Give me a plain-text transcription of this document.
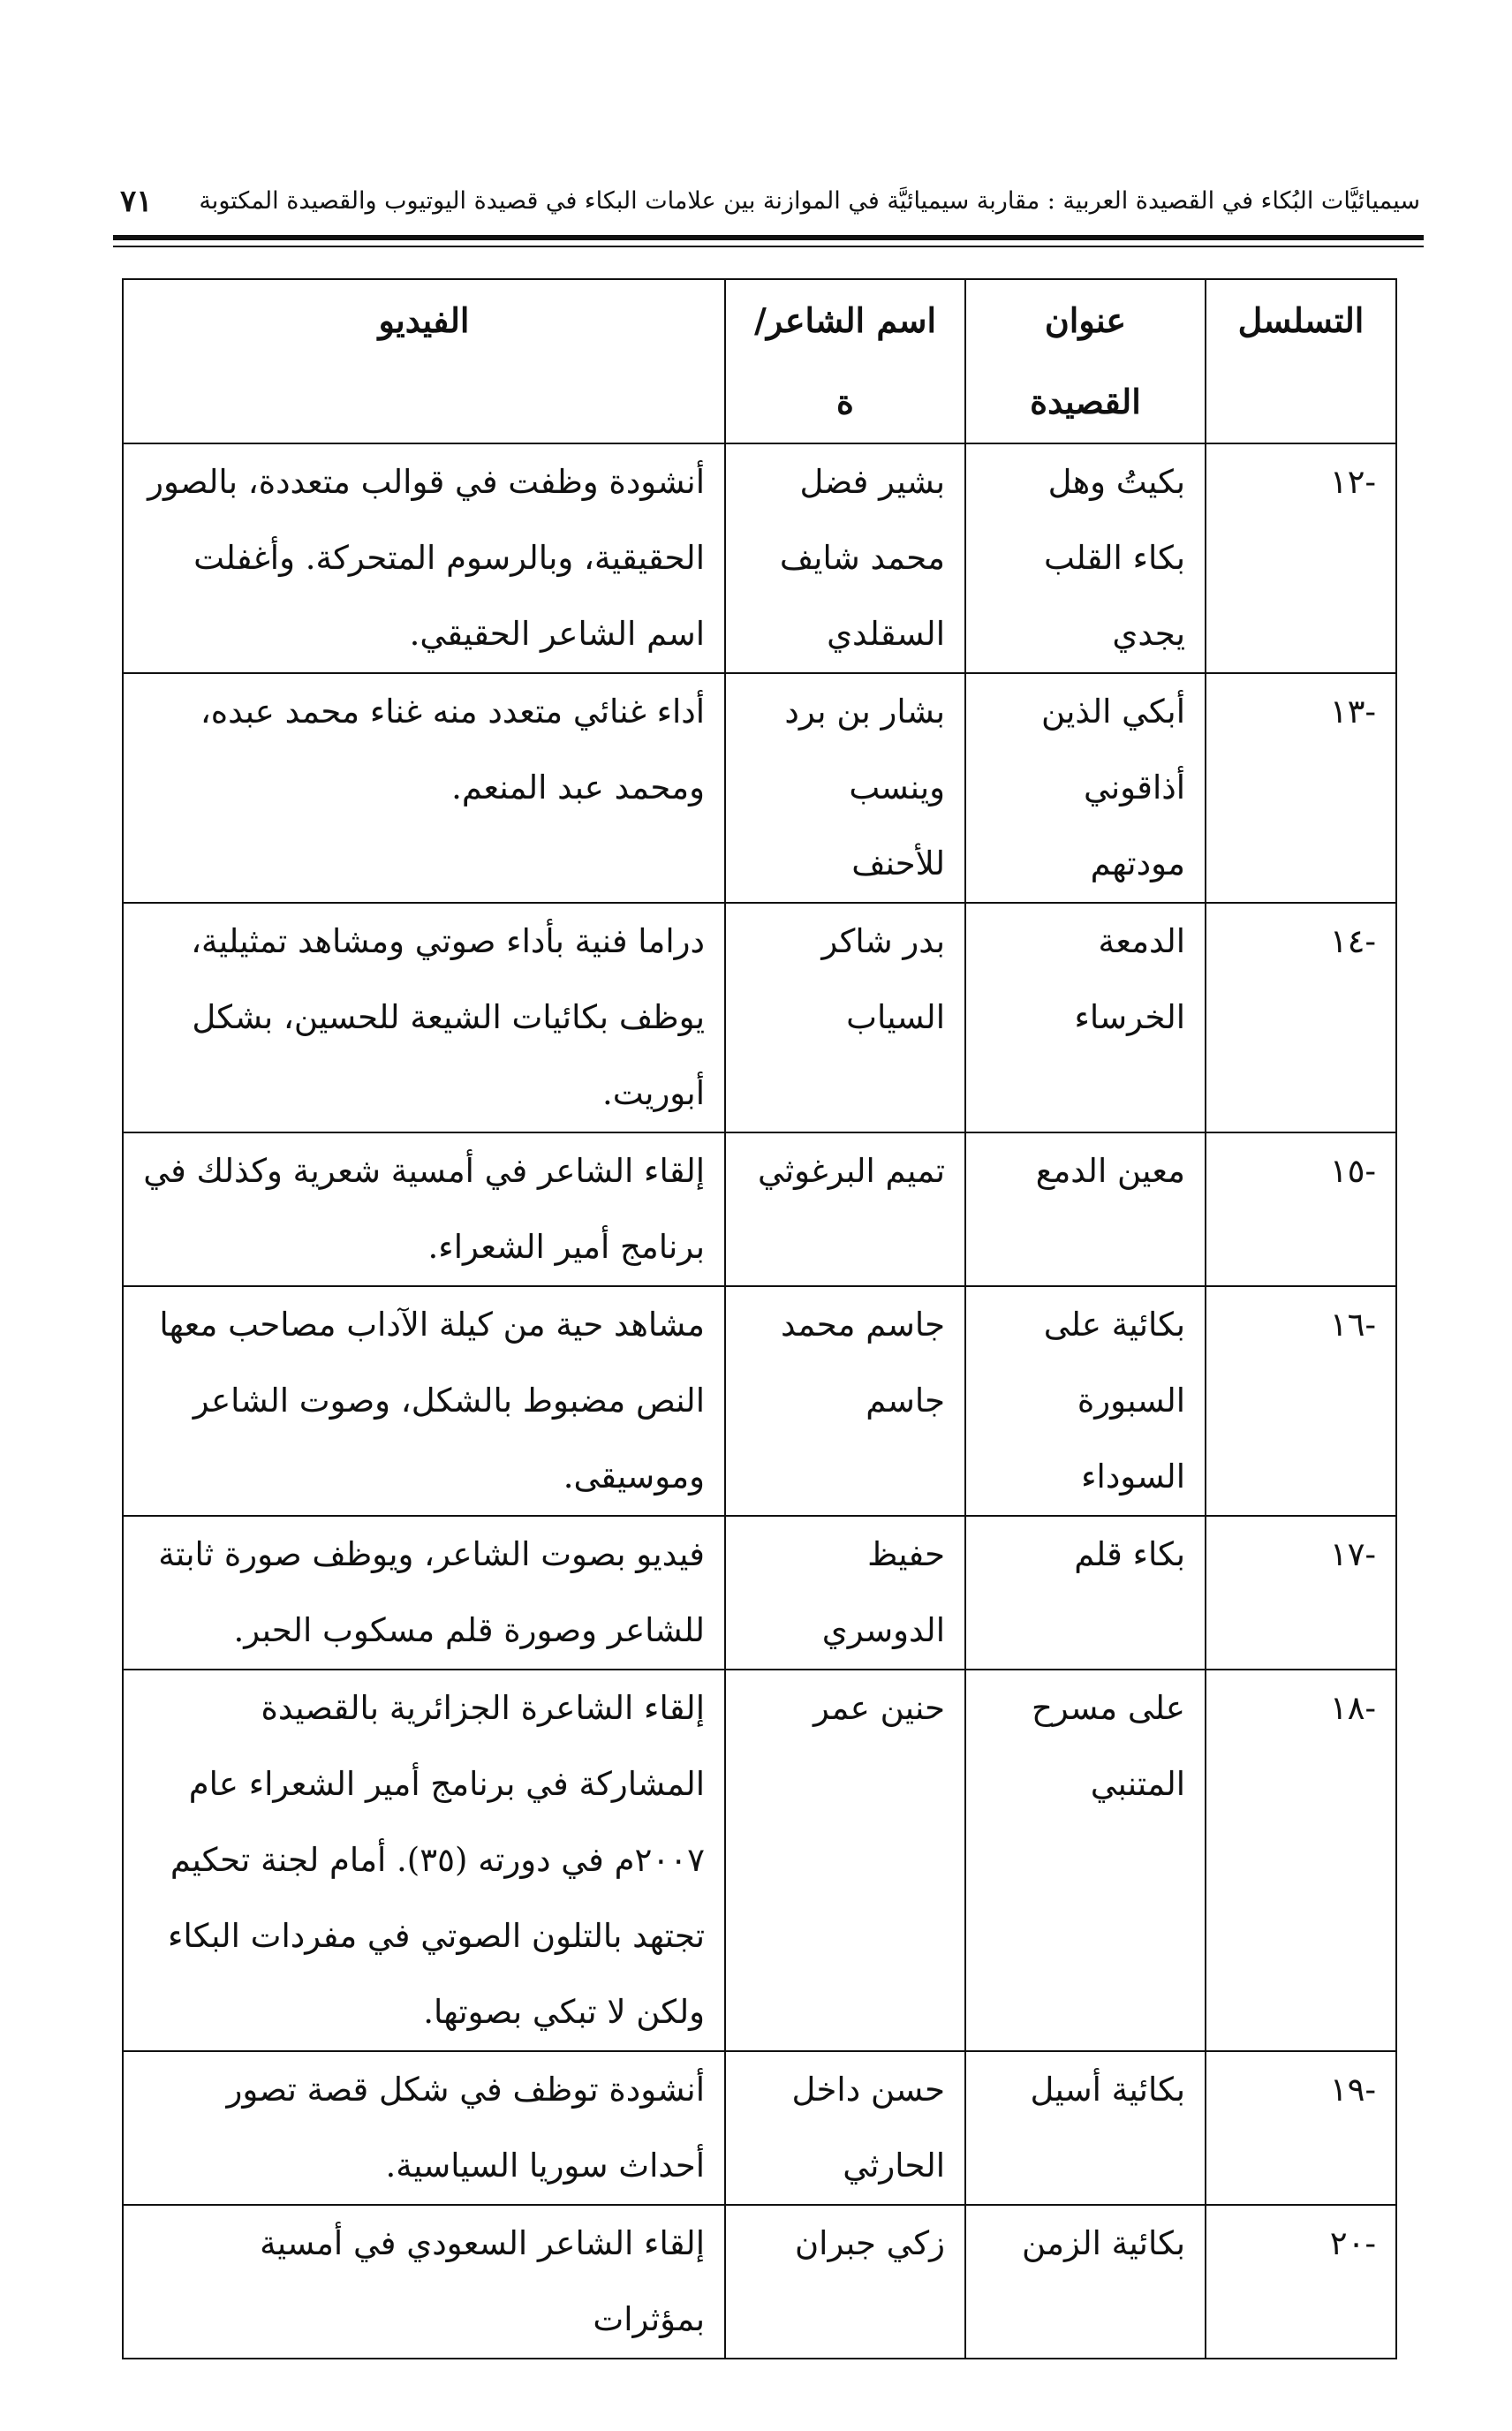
سيميائيَّات البُكاء في القصيدة العربية : مقاربة سيميائيَّة في الموازنة بين علامات البكاء في قصيدة اليوتيوب والقصيدة المكتوبة
٧١
التسلسل	عنوان القصيدة	اسم الشاعر/ ة	الفيديو
-١٢	بكيتُ وهل بكاء القلب يجدي	بشير فضل محمد شايف السقلدي	أنشودة وظفت في قوالب متعددة، بالصور الحقيقية، وبالرسوم المتحركة. وأغفلت اسم الشاعر الحقيقي.
-١٣	أبكي الذين أذاقوني مودتهم	بشار بن برد وينسب للأحنف	أداء غنائي متعدد منه غناء محمد عبده، ومحمد عبد المنعم.
-١٤	الدمعة الخرساء	بدر شاكر السياب	دراما فنية بأداء صوتي ومشاهد تمثيلية، يوظف بكائيات الشيعة للحسين، بشكل أبوريت.
-١٥	معين الدمع	تميم البرغوثي	إلقاء الشاعر في أمسية شعرية وكذلك في برنامج أمير الشعراء.
-١٦	بكائية على السبورة السوداء	جاسم محمد جاسم	مشاهد حية من كيلة الآداب مصاحب معها النص مضبوط بالشكل، وصوت الشاعر وموسيقى.
-١٧	بكاء قلم	حفيظ الدوسري	فيديو بصوت الشاعر، ويوظف صورة ثابتة للشاعر وصورة قلم مسكوب الحبر.
-١٨	على مسرح المتنبي	حنين عمر	إلقاء الشاعرة الجزائرية بالقصيدة المشاركة في برنامج أمير الشعراء عام ٢٠٠٧م في دورته (٣٥). أمام لجنة تحكيم تجتهد بالتلون الصوتي في مفردات البكاء ولكن لا تبكي بصوتها.
-١٩	بكائية أسيل	حسن داخل الحارثي	أنشودة توظف في شكل قصة تصور أحداث سوريا السياسية.
-٢٠	بكائية الزمن	زكي جبران	إلقاء الشاعر السعودي في أمسية بمؤثرات
